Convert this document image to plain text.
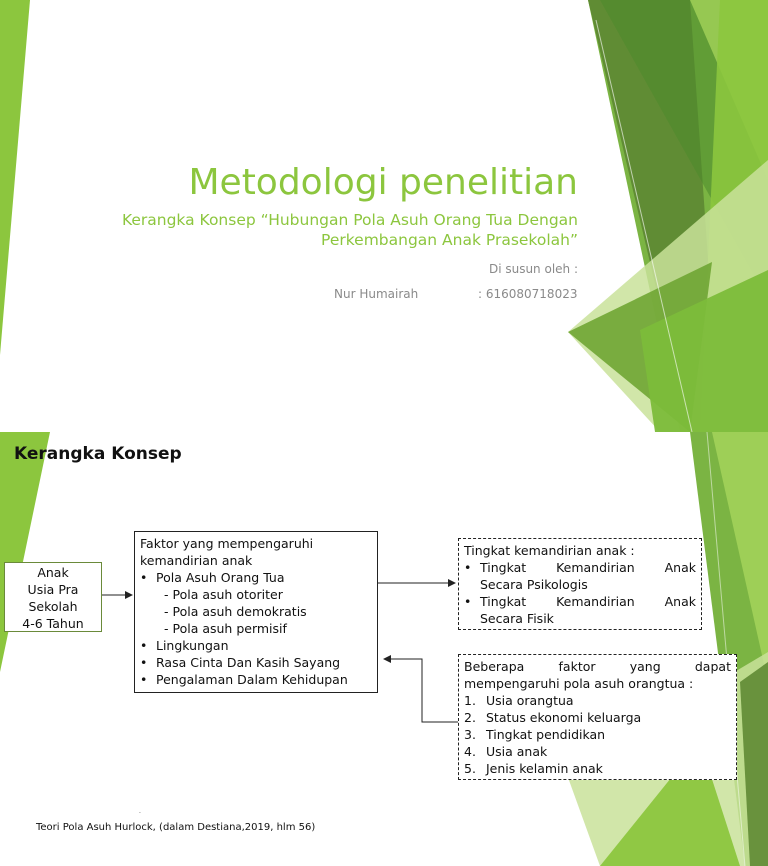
Metodologi penelitian
Kerangka Konsep “Hubungan Pola Asuh Orang Tua Dengan
Perkembangan Anak Prasekolah”
Di susun oleh :
Nur Humairah	: 616080718023
Kerangka Konsep
Anak
Usia Pra
Sekolah
4-6 Tahun
Faktor yang mempengaruhi
kemandirian anak
• Pola Asuh Orang Tua
- Pola asuh otoriter
- Pola asuh demokratis
- Pola asuh permisif
• Lingkungan
• Rasa Cinta Dan Kasih Sayang
• Pengalaman Dalam Kehidupan
Tingkat kemandirian anak :
• Tingkat Kemandirian Anak
Secara Psikologis
• Tingkat Kemandirian Anak
Secara Fisik
Beberapa	faktor	yang	dapat
mempengaruhi pola asuh orangtua :
1. Usia orangtua
2. Status ekonomi keluarga
3. Tingkat pendidikan
4. Usia anak
5. Jenis kelamin anak
.
Teori Pola Asuh Hurlock, (dalam Destiana,2019, hlm 56)
